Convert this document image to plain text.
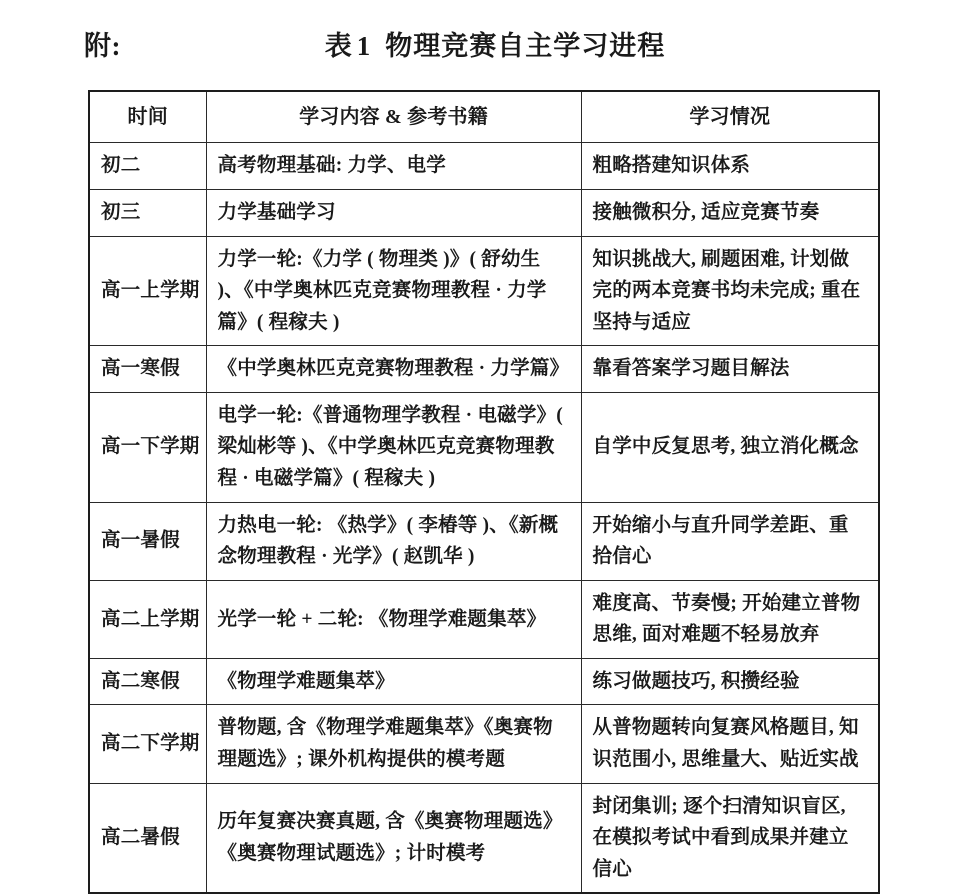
附:	表 1 物理竞赛自主学习进程
时间	学习内容 & 参考书籍	学习情况
初二	高考物理基础: 力学、电学	粗略搭建知识体系
初三	力学基础学习	接触微积分, 适应竞赛节奏
高一上学期	力学一轮:《力学 ( 物理类 )》( 舒幼生 )、《中学奥林匹克竞赛物理教程 · 力学篇》( 程稼夫 )	知识挑战大, 刷题困难, 计划做完的两本竞赛书均未完成; 重在坚持与适应
高一寒假	《中学奥林匹克竞赛物理教程 · 力学篇》	靠看答案学习题目解法
高一下学期	电学一轮:《普通物理学教程 · 电磁学》( 梁灿彬等 )、《中学奥林匹克竞赛物理教程 · 电磁学篇》( 程稼夫 )	自学中反复思考, 独立消化概念
高一暑假	力热电一轮: 《热学》( 李椿等 )、《新概念物理教程 · 光学》( 赵凯华 )	开始缩小与直升同学差距、重拾信心
高二上学期	光学一轮 + 二轮: 《物理学难题集萃》	难度高、节奏慢; 开始建立普物思维, 面对难题不轻易放弃
高二寒假	《物理学难题集萃》	练习做题技巧, 积攒经验
高二下学期	普物题, 含《物理学难题集萃》《奥赛物理题选》; 课外机构提供的模考题	从普物题转向复赛风格题目, 知识范围小, 思维量大、贴近实战
高二暑假	历年复赛决赛真题, 含《奥赛物理题选》《奥赛物理试题选》; 计时模考	封闭集训; 逐个扫清知识盲区, 在模拟考试中看到成果并建立信心
